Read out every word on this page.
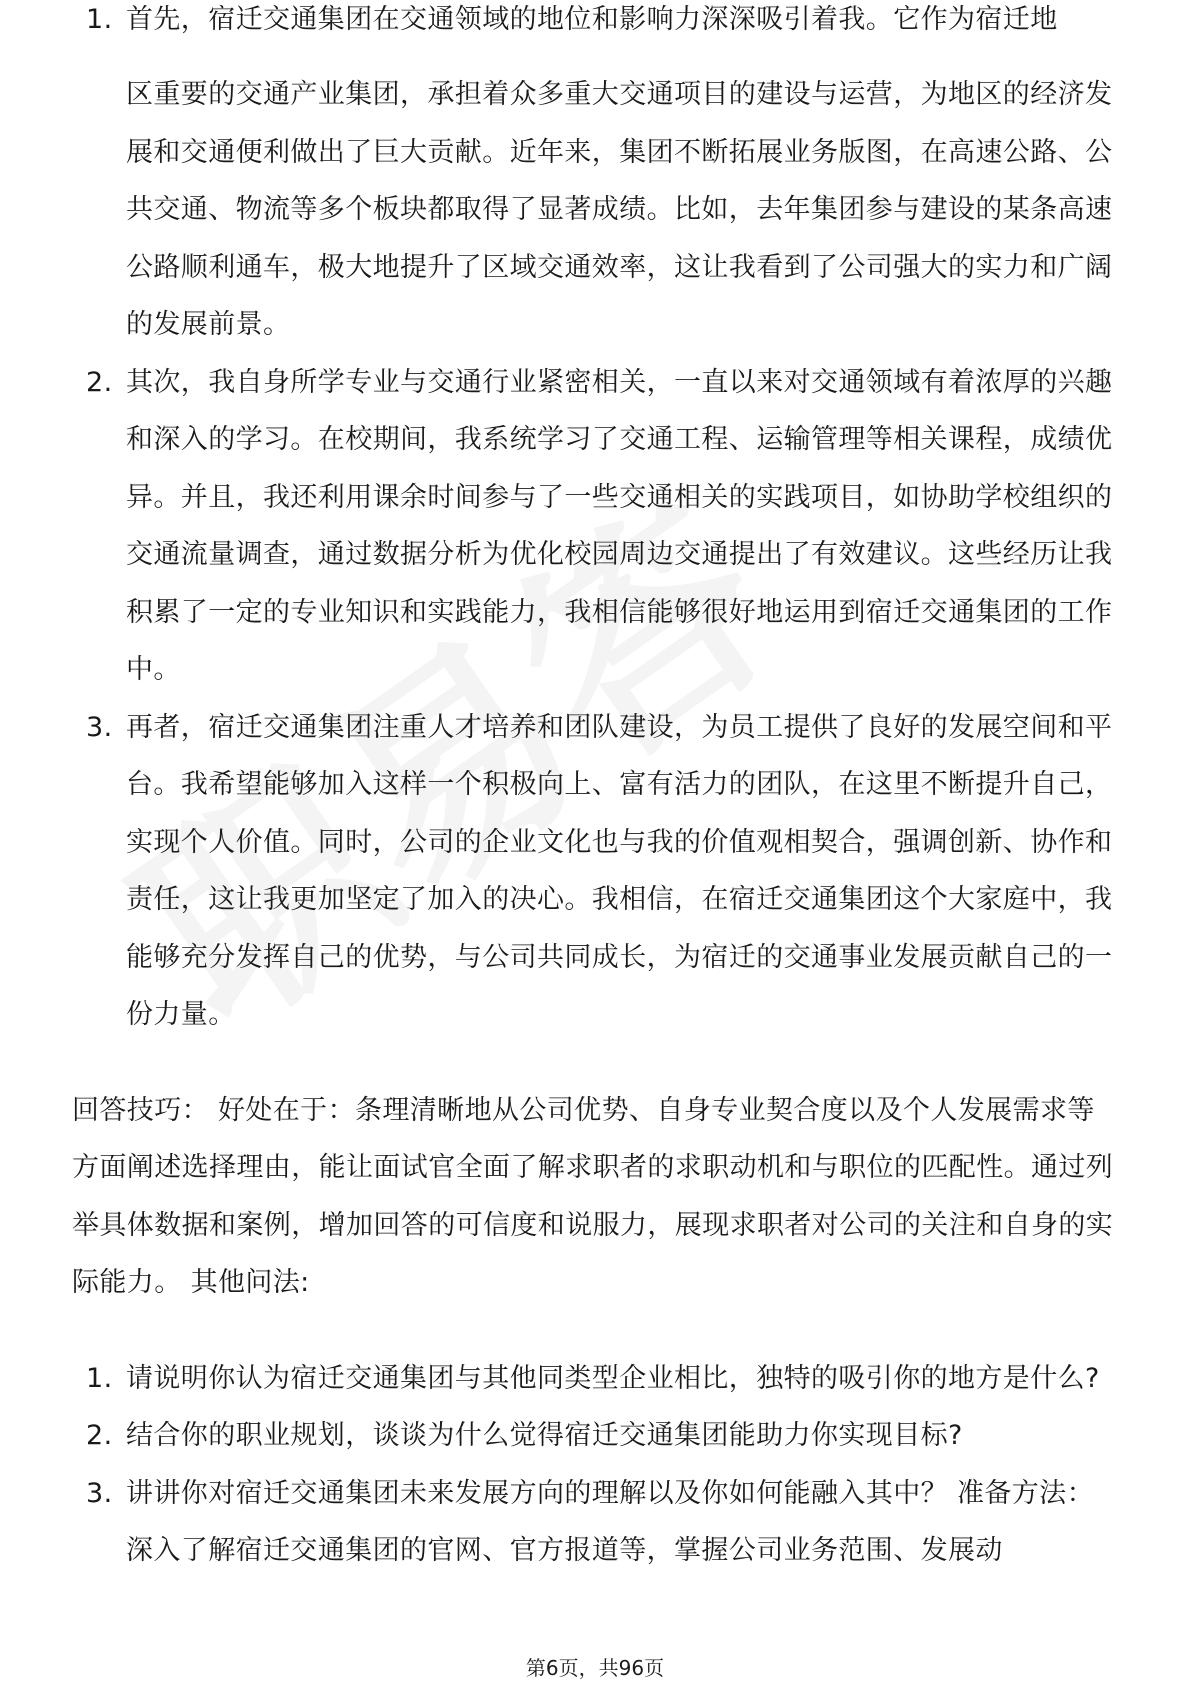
1. 首先，宿迁交通集团在交通领域的地位和影响力深深吸引着我。它作为宿迁地
区重要的交通产业集团，承担着众多重大交通项目的建设与运营，为地区的经济发展和交通便利做出了巨大贡献。近年来，集团不断拓展业务版图，在高速公路、公共交通、物流等多个板块都取得了显著成绩。比如，去年集团参与建设的某条高速公路顺利通车，极大地提升了区域交通效率，这让我看到了公司强大的实力和广阔的发展前景。
2. 其次，我自身所学专业与交通行业紧密相关，一直以来对交通领域有着浓厚的兴趣和深入的学习。在校期间，我系统学习了交通工程、运输管理等相关课程，成绩优异。并且，我还利用课余时间参与了一些交通相关的实践项目，如协助学校组织的交通流量调查，通过数据分析为优化校园周边交通提出了有效建议。这些经历让我积累了一定的专业知识和实践能力，我相信能够很好地运用到宿迁交通集团的工作中。
3. 再者，宿迁交通集团注重人才培养和团队建设，为员工提供了良好的发展空间和平台。我希望能够加入这样一个积极向上、富有活力的团队，在这里不断提升自己，实现个人价值。同时，公司的企业文化也与我的价值观相契合，强调创新、协作和责任，这让我更加坚定了加入的决心。我相信，在宿迁交通集团这个大家庭中，我能够充分发挥自己的优势，与公司共同成长，为宿迁的交通事业发展贡献自己的一份力量。

回答技巧： 好处在于：条理清晰地从公司优势、自身专业契合度以及个人发展需求等方面阐述选择理由，能让面试官全面了解求职者的求职动机和与职位的匹配性。通过列举具体数据和案例，增加回答的可信度和说服力，展现求职者对公司的关注和自身的实际能力。 其他问法:

1. 请说明你认为宿迁交通集团与其他同类型企业相比，独特的吸引你的地方是什么?
2. 结合你的职业规划，谈谈为什么觉得宿迁交通集团能助力你实现目标?
3. 讲讲你对宿迁交通集团未来发展方向的理解以及你如何能融入其中？ 准备方法： 深入了解宿迁交通集团的官网、官方报道等，掌握公司业务范围、发展动
第6页，共96页
